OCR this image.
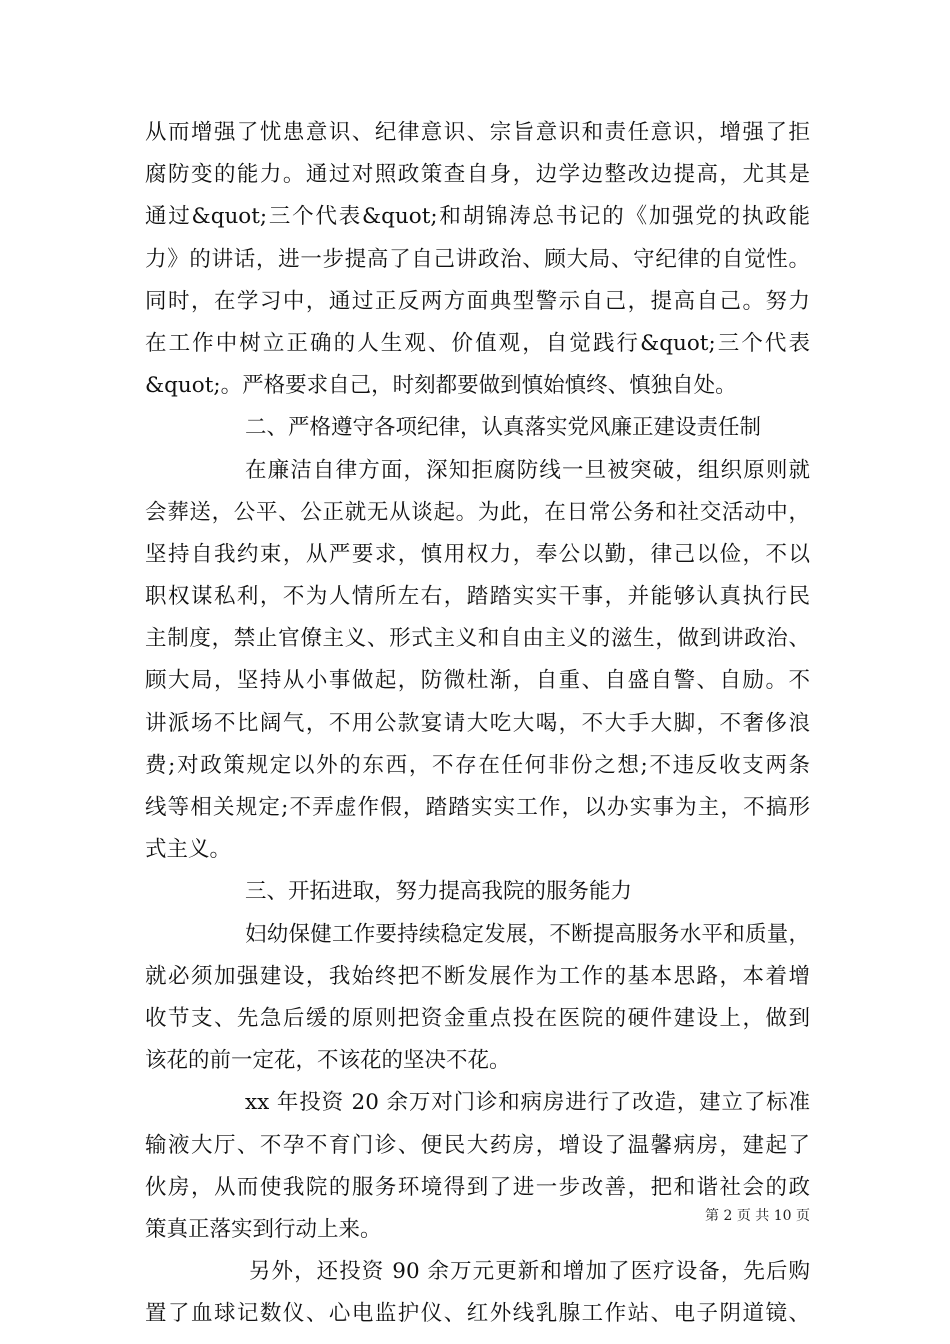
从而增强了忧患意识、纪律意识、宗旨意识和责任意识，增强了拒
腐防变的能力。通过对照政策查自身，边学边整改边提高，尤其是
通过&quot;三个代表&quot;和胡锦涛总书记的《加强党的执政能
力》的讲话，进一步提高了自己讲政治、顾大局、守纪律的自觉性。
同时，在学习中，通过正反两方面典型警示自己，提高自己。努力
在工作中树立正确的人生观、价值观，自觉践行&quot;三个代表
&quot;。严格要求自己，时刻都要做到慎始慎终、慎独自处。
二、严格遵守各项纪律，认真落实党风廉正建设责任制
在廉洁自律方面，深知拒腐防线一旦被突破，组织原则就
会葬送，公平、公正就无从谈起。为此，在日常公务和社交活动中，
坚持自我约束，从严要求，慎用权力，奉公以勤，律己以俭，不以
职权谋私利，不为人情所左右，踏踏实实干事，并能够认真执行民
主制度，禁止官僚主义、形式主义和自由主义的滋生，做到讲政治、
顾大局，坚持从小事做起，防微杜渐，自重、自盛自警、自励。不
讲派场不比阔气，不用公款宴请大吃大喝，不大手大脚，不奢侈浪
费;对政策规定以外的东西，不存在任何非份之想;不违反收支两条
线等相关规定;不弄虚作假，踏踏实实工作，以办实事为主，不搞形
式主义。
三、开拓进取，努力提高我院的服务能力
妇幼保健工作要持续稳定发展，不断提高服务水平和质量，
就必须加强建设，我始终把不断发展作为工作的基本思路，本着增
收节支、先急后缓的原则把资金重点投在医院的硬件建设上，做到
该花的前一定花，不该花的坚决不花。
xx 年投资 20 余万对门诊和病房进行了改造，建立了标准
输液大厅、不孕不育门诊、便民大药房，增设了温馨病房，建起了
伙房，从而使我院的服务环境得到了进一步改善，把和谐社会的政
策真正落实到行动上来。
另外，还投资 90 余万元更新和增加了医疗设备，先后购
置了血球记数仪、心电监护仪、红外线乳腺工作站、电子阴道镜、
第 2 页 共 10 页
